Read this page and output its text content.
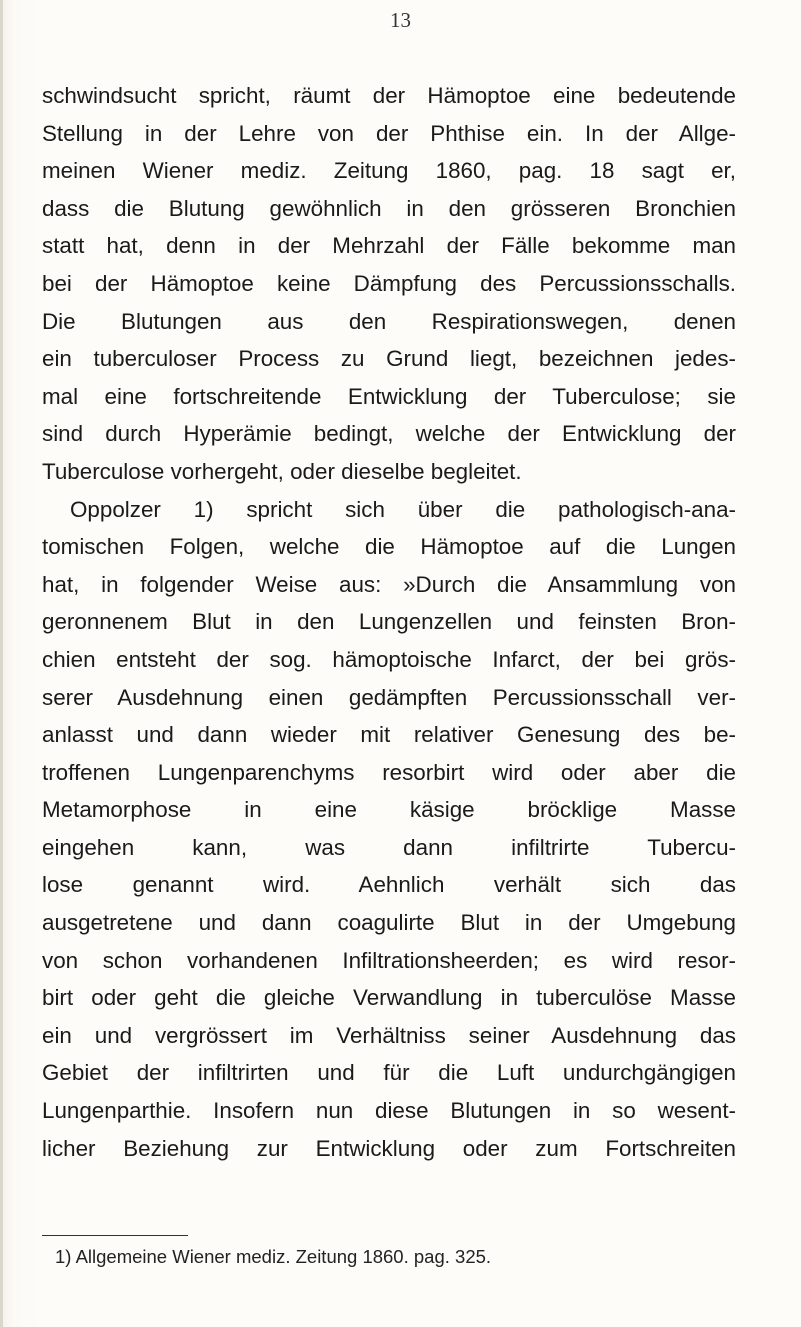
13
schwindsucht spricht, räumt der Hämoptoe eine bedeutende
Stellung in der Lehre von der Phthise ein. In der Allge-
meinen Wiener mediz. Zeitung 1860, pag. 18 sagt er,
dass die Blutung gewöhnlich in den grösseren Bronchien
statt hat, denn in der Mehrzahl der Fälle bekomme man
bei der Hämoptoe keine Dämpfung des Percussionsschalls.
Die Blutungen aus den Respirationswegen, denen
ein tuberculoser Process zu Grund liegt, bezeichnen jedes-
mal eine fortschreitende Entwicklung der Tuberculose; sie
sind durch Hyperämie bedingt, welche der Entwicklung der
Tuberculose vorhergeht, oder dieselbe begleitet.
Oppolzer 1) spricht sich über die pathologisch-ana-
tomischen Folgen, welche die Hämoptoe auf die Lungen
hat, in folgender Weise aus: »Durch die Ansammlung von
geronnenem Blut in den Lungenzellen und feinsten Bron-
chien entsteht der sog. hämoptoische Infarct, der bei grös-
serer Ausdehnung einen gedämpften Percussionsschall ver-
anlasst und dann wieder mit relativer Genesung des be-
troffenen Lungenparenchyms resorbirt wird oder aber die
Metamorphose in eine käsige bröcklige Masse
eingehen kann, was dann infiltrirte Tubercu-
lose genannt wird. Aehnlich verhält sich das
ausgetretene und dann coagulirte Blut in der Umgebung
von schon vorhandenen Infiltrationsheerden; es wird resor-
birt oder geht die gleiche Verwandlung in tuberculöse Masse
ein und vergrössert im Verhältniss seiner Ausdehnung das
Gebiet der infiltrirten und für die Luft undurchgängigen
Lungenparthie. Insofern nun diese Blutungen in so wesent-
licher Beziehung zur Entwicklung oder zum Fortschreiten
1) Allgemeine Wiener mediz. Zeitung 1860. pag. 325.
